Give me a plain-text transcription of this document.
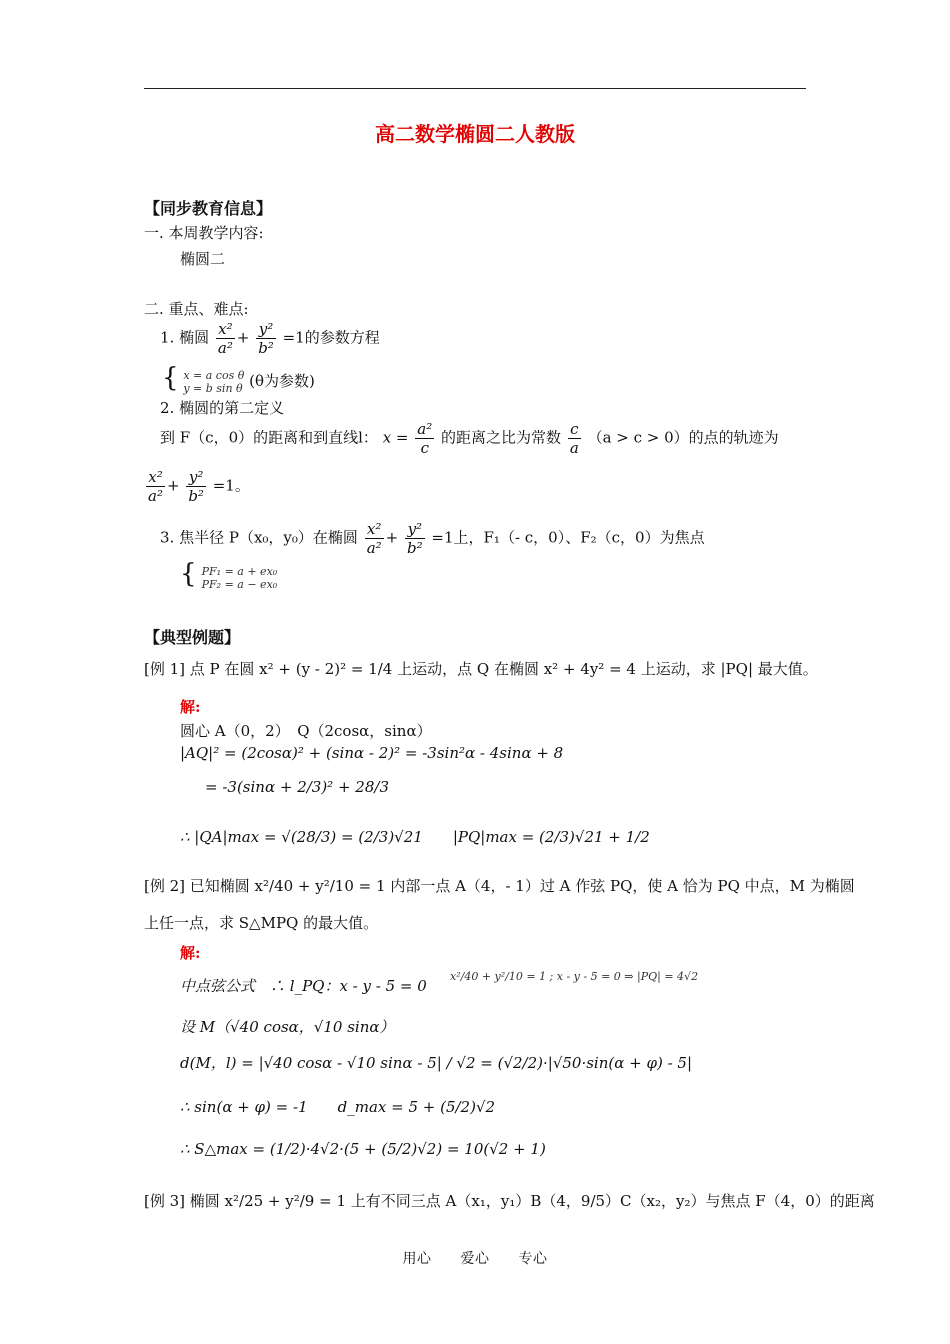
高二数学椭圆二人教版
【同步教育信息】
一. 本周教学内容:
椭圆二
二. 重点、难点:
1. 椭圆 $\frac{\text{x²}}{\text{a²}} + \frac{\text{y²}}{\text{b²}} =1$的参数方程
{ x = a cos θ
y = b sin θ (θ为参数)
2. 椭圆的第二定义
到 F（c，0）的距离和到直线l： $x = \frac{\text{a²}}{c}$ 的距离之比为常数 $\frac{c}{a} (a > c > 0)$的点的轨迹为
$\frac{\text{x²}}{\text{a²}} + \frac{\text{y²}}{\text{b²}} =1$。
3. 焦半径 P（x₀，y₀）在椭圆 $\frac{\text{x²}}{\text{a²}} + \frac{\text{y²}}{\text{b²}} =1$上，F₁（- c，0）、F₂（c，0）为焦点
{ PF₁ = a + ex₀
PF₂ = a − ex₀
【典型例题】
[例 1] 点 P 在圆 x² + (y - 2)² = 1/4 上运动，点 Q 在椭圆 x² + 4y² = 4 上运动，求 |PQ| 最大值。
解:
圆心 A（0，2）　Q（2cosα，sinα）
|AQ|² = (2cosα)² + (sinα - 2)² = -3sin²α - 4sinα + 8
= -3(sinα + 2/3)² + 28/3
∴ |QA|max = √(28/3) = (2/3)√21　　|PQ|max = (2/3)√21 + 1/2
[例 2] 已知椭圆 x²/40 + y²/10 = 1 内部一点 A（4，- 1）过 A 作弦 PQ，使 A 恰为 PQ 中点，M 为椭圆
上任一点，求 S△MPQ 的最大值。
解:
中点弦公式　∴ l_PQ：x - y - 5 = 0
x²/40 + y²/10 = 1 ; x - y - 5 = 0 ⇒ |PQ| = 4√2
设 M（√40 cosα，√10 sinα）
d(M，l) = |√40 cosα - √10 sinα - 5| / √2 = (√2/2)·|√50·sin(α + φ) - 5|
∴ sin(α + φ) = -1　　d_max = 5 + (5/2)√2
∴ S△max = (1/2)·4√2·(5 + (5/2)√2) = 10(√2 + 1)
[例 3] 椭圆 x²/25 + y²/9 = 1 上有不同三点 A（x₁，y₁）B（4，9/5）C（x₂，y₂）与焦点 F（4，0）的距离
用心　　爱心　　专心
